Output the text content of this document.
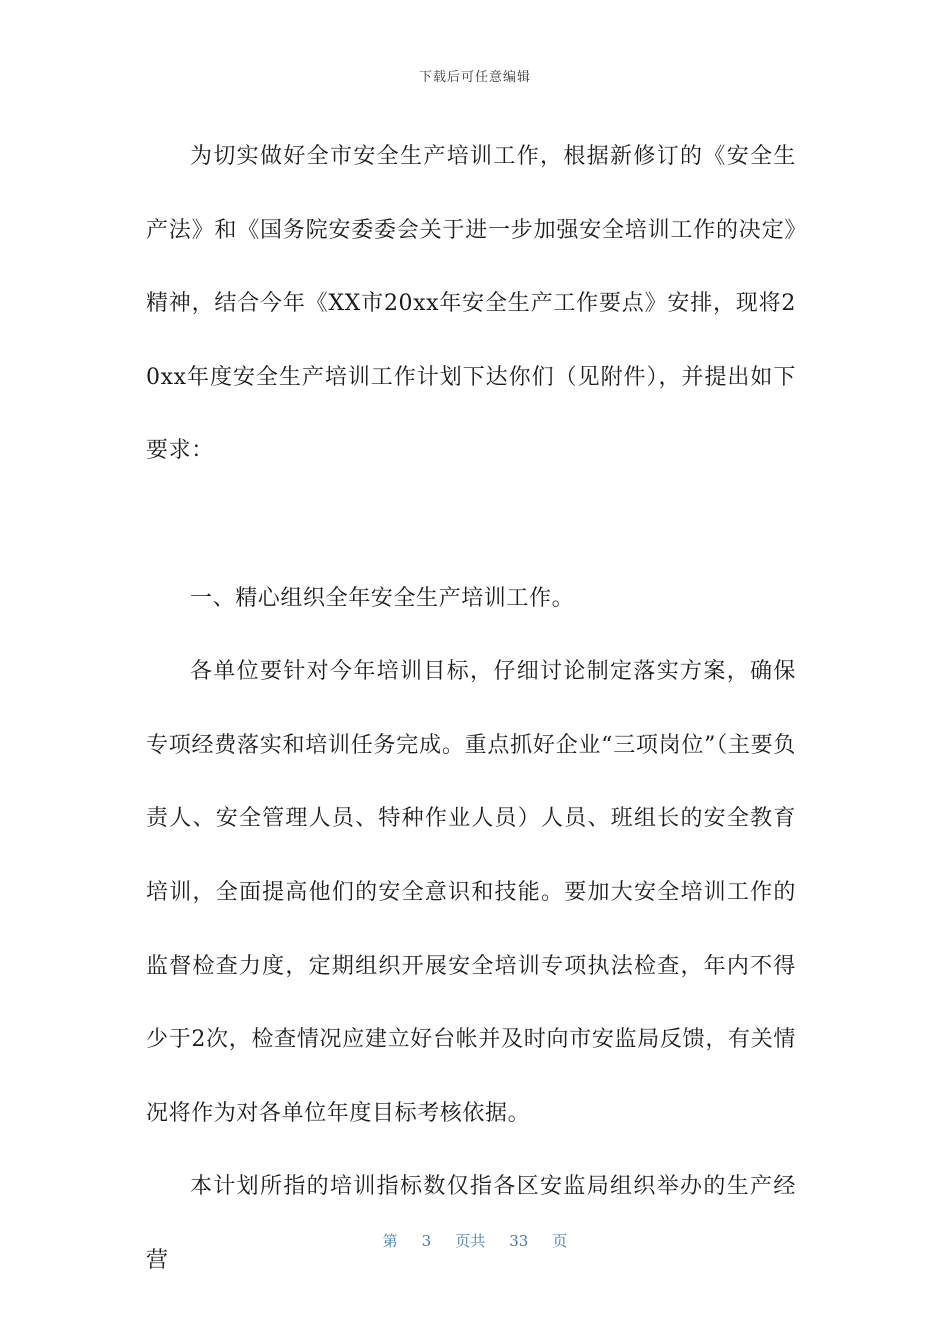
下载后可任意编辑

为切实做好全市安全生产培训工作，根据新修订的《安全生产法》和《国务院安委委会关于进一步加强安全培训工作的决定》精神，结合今年《XX市20xx年安全生产工作要点》安排，现将20xx年度安全生产培训工作计划下达你们（见附件），并提出如下要求：

一、精心组织全年安全生产培训工作。

各单位要针对今年培训目标，仔细讨论制定落实方案，确保专项经费落实和培训任务完成。重点抓好企业“三项岗位”（主要负责人、安全管理人员、特种作业人员）人员、班组长的安全教育培训，全面提高他们的安全意识和技能。要加大安全培训工作的监督检查力度，定期组织开展安全培训专项执法检查，年内不得少于2次，检查情况应建立好台帐并及时向市安监局反馈，有关情况将作为对各单位年度目标考核依据。

本计划所指的培训指标数仅指各区安监局组织举办的生产经营

第 3 页共 33 页
